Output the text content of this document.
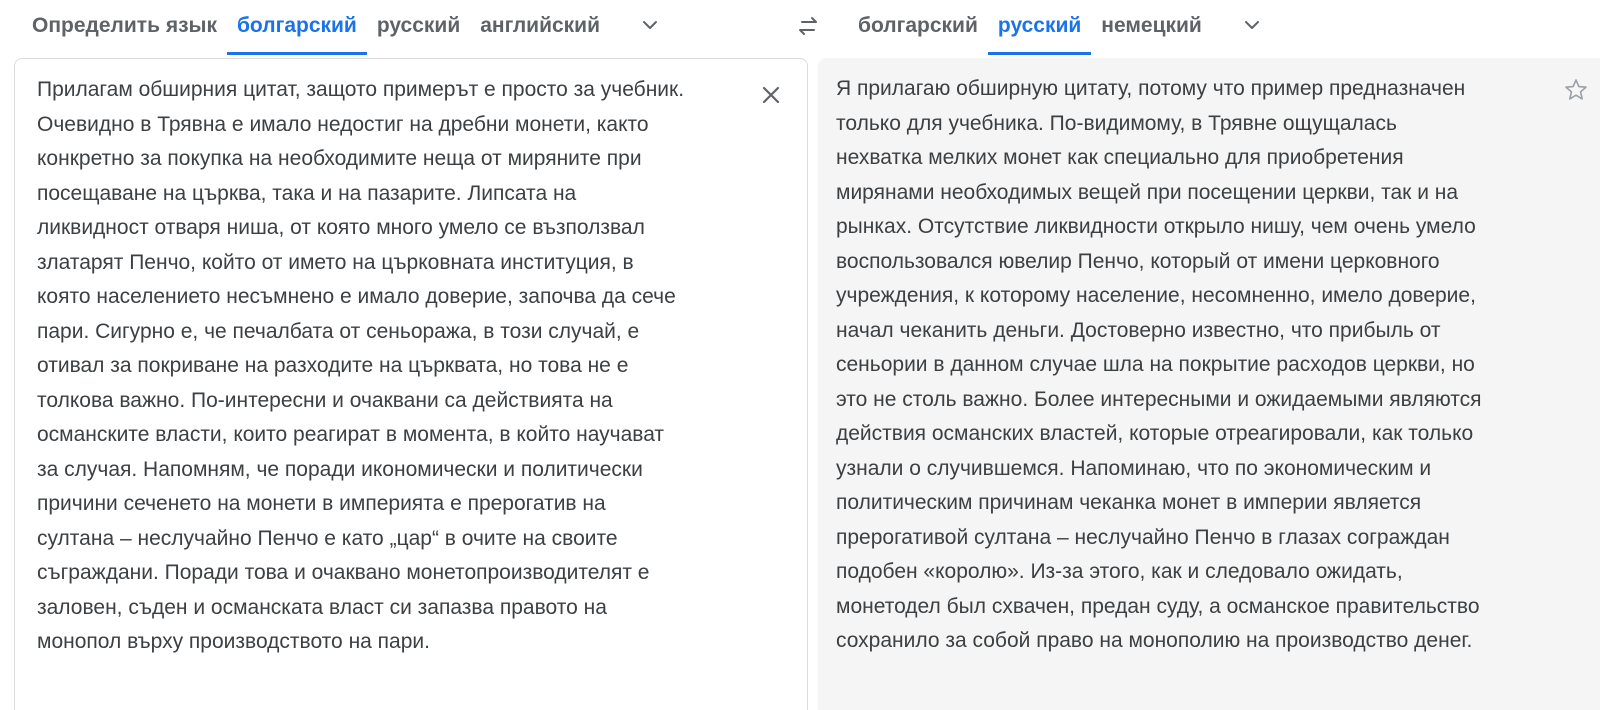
Определить язык болгарский русский английский	болгарский русский немецкий
Прилагам обширния цитат, защото примерът е просто за учебник.
Очевидно в Трявна е имало недостиг на дребни монети, както
конкретно за покупка на необходимите неща от миряните при
посещаване на църква, така и на пазарите. Липсата на
ликвидност отваря ниша, от която много умело се възползвал
златарят Пенчо, който от името на църковната институция, в
която населението несъмнено е имало доверие, започва да сече
пари. Сигурно е, че печалбата от сеньоража, в този случай, е
отивал за покриване на разходите на църквата, но това не е
толкова важно. По-интересни и очаквани са действията на
османските власти, които реагират в момента, в който научават
за случая. Напомням, че поради икономически и политически
причини сеченето на монети в империята е прерогатив на
султана – неслучайно Пенчо е като „цар“ в очите на своите
съграждани. Поради това и очаквано монетопроизводителят е
заловен, съден и османската власт си запазва правото на
монопол върху производството на пари.
Я прилагаю обширную цитату, потому что пример предназначен
только для учебника. По-видимому, в Трявне ощущалась
нехватка мелких монет как специально для приобретения
мирянами необходимых вещей при посещении церкви, так и на
рынках. Отсутствие ликвидности открыло нишу, чем очень умело
воспользовался ювелир Пенчо, который от имени церковного
учреждения, к которому население, несомненно, имело доверие,
начал чеканить деньги. Достоверно известно, что прибыль от
сеньории в данном случае шла на покрытие расходов церкви, но
это не столь важно. Более интересными и ожидаемыми являются
действия османских властей, которые отреагировали, как только
узнали о случившемся. Напоминаю, что по экономическим и
политическим причинам чеканка монет в империи является
прерогативой султана – неслучайно Пенчо в глазах сограждан
подобен «королю». Из-за этого, как и следовало ожидать,
монетодел был схвачен, предан суду, а османское правительство
сохранило за собой право на монополию на производство денег.
